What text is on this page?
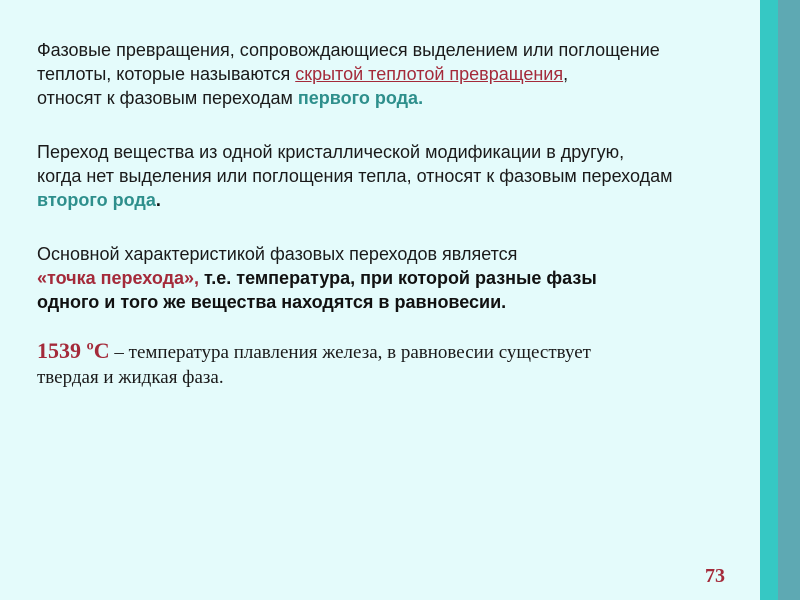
Фазовые превращения, сопровождающиеся выделением или поглощение
теплоты, которые называются скрытой теплотой превращения,
относят к фазовым переходам первого рода.
Переход вещества из одной кристаллической модификации в другую,
когда нет выделения или поглощения тепла, относят к фазовым переходам
второго рода.
Основной характеристикой фазовых переходов является
«точка перехода», т.е. температура, при которой разные фазы
одного и того же вещества находятся в равновесии.
1539 ºС – температура плавления железа, в равновесии существует
твердая и жидкая фаза.
73
